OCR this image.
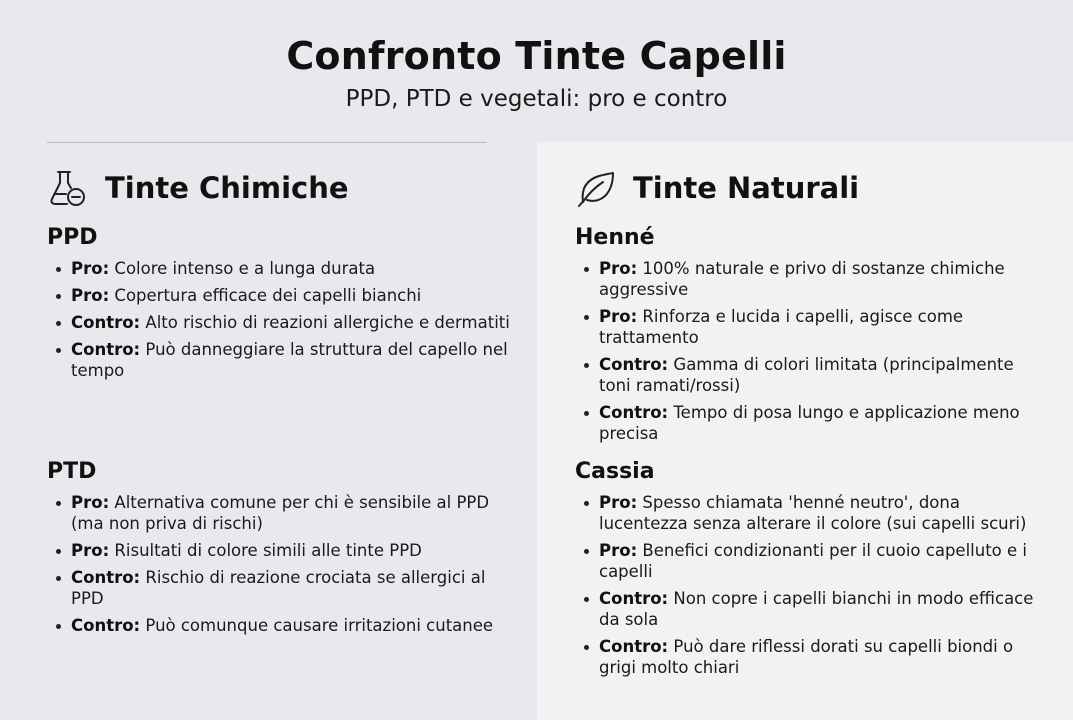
Confronto Tinte Capelli
PPD, PTD e vegetali: pro e contro
Tinte Chimiche
PPD
Pro: Colore intenso e a lunga durata
Pro: Copertura efficace dei capelli bianchi
Contro: Alto rischio di reazioni allergiche e dermatiti
Contro: Può danneggiare la struttura del capello nel tempo
PTD
Pro: Alternativa comune per chi è sensibile al PPD (ma non priva di rischi)
Pro: Risultati di colore simili alle tinte PPD
Contro: Rischio di reazione crociata se allergici al PPD
Contro: Può comunque causare irritazioni cutanee
Tinte Naturali
Henné
Pro: 100% naturale e privo di sostanze chimiche aggressive
Pro: Rinforza e lucida i capelli, agisce come trattamento
Contro: Gamma di colori limitata (principalmente toni ramati/rossi)
Contro: Tempo di posa lungo e applicazione meno precisa
Cassia
Pro: Spesso chiamata 'henné neutro', dona lucentezza senza alterare il colore (sui capelli scuri)
Pro: Benefici condizionanti per il cuoio capelluto e i capelli
Contro: Non copre i capelli bianchi in modo efficace da sola
Contro: Può dare riflessi dorati su capelli biondi o grigi molto chiari
